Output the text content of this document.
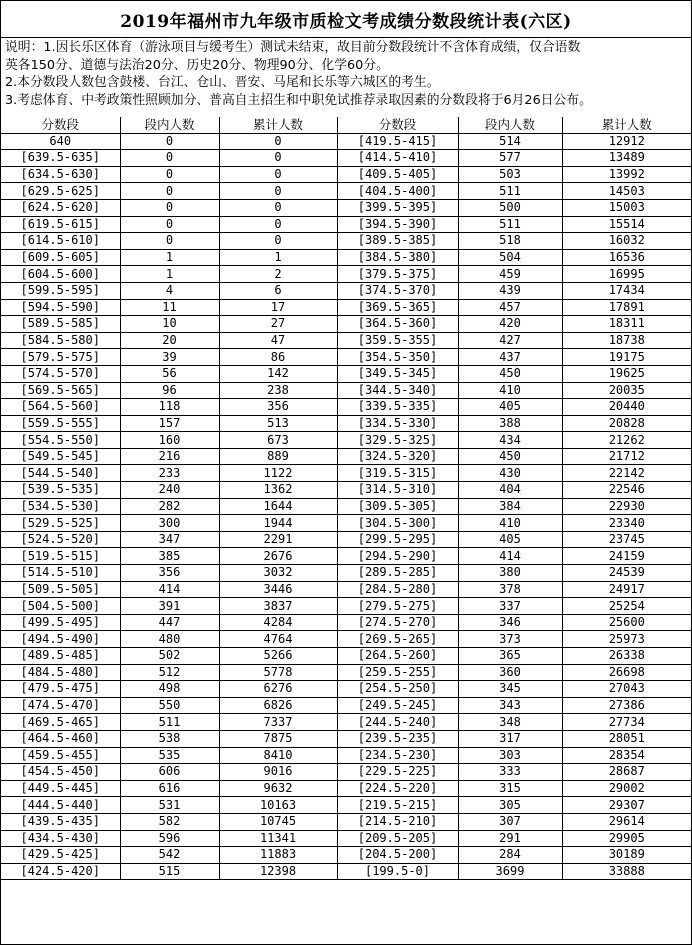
2019年福州市九年级市质检文考成绩分数段统计表(六区)
说明：1.因长乐区体育（游泳项目与缓考生）测试未结束，故目前分数段统计不含体育成绩，仅合语数
英各150分、道德与法治20分、历史20分、物理90分、化学60分。
2.本分数段人数包含鼓楼、台江、仓山、晋安、马尾和长乐等六城区的考生。
3.考虑体育、中考政策性照顾加分、普高自主招生和中职免试推荐录取因素的分数段将于6月26日公布。
分数段	段内人数	累计人数	分数段	段内人数	累计人数
640	0	0	[419.5-415]	514	12912
[639.5-635]	0	0	[414.5-410]	577	13489
[634.5-630]	0	0	[409.5-405]	503	13992
[629.5-625]	0	0	[404.5-400]	511	14503
[624.5-620]	0	0	[399.5-395]	500	15003
[619.5-615]	0	0	[394.5-390]	511	15514
[614.5-610]	0	0	[389.5-385]	518	16032
[609.5-605]	1	1	[384.5-380]	504	16536
[604.5-600]	1	2	[379.5-375]	459	16995
[599.5-595]	4	6	[374.5-370]	439	17434
[594.5-590]	11	17	[369.5-365]	457	17891
[589.5-585]	10	27	[364.5-360]	420	18311
[584.5-580]	20	47	[359.5-355]	427	18738
[579.5-575]	39	86	[354.5-350]	437	19175
[574.5-570]	56	142	[349.5-345]	450	19625
[569.5-565]	96	238	[344.5-340]	410	20035
[564.5-560]	118	356	[339.5-335]	405	20440
[559.5-555]	157	513	[334.5-330]	388	20828
[554.5-550]	160	673	[329.5-325]	434	21262
[549.5-545]	216	889	[324.5-320]	450	21712
[544.5-540]	233	1122	[319.5-315]	430	22142
[539.5-535]	240	1362	[314.5-310]	404	22546
[534.5-530]	282	1644	[309.5-305]	384	22930
[529.5-525]	300	1944	[304.5-300]	410	23340
[524.5-520]	347	2291	[299.5-295]	405	23745
[519.5-515]	385	2676	[294.5-290]	414	24159
[514.5-510]	356	3032	[289.5-285]	380	24539
[509.5-505]	414	3446	[284.5-280]	378	24917
[504.5-500]	391	3837	[279.5-275]	337	25254
[499.5-495]	447	4284	[274.5-270]	346	25600
[494.5-490]	480	4764	[269.5-265]	373	25973
[489.5-485]	502	5266	[264.5-260]	365	26338
[484.5-480]	512	5778	[259.5-255]	360	26698
[479.5-475]	498	6276	[254.5-250]	345	27043
[474.5-470]	550	6826	[249.5-245]	343	27386
[469.5-465]	511	7337	[244.5-240]	348	27734
[464.5-460]	538	7875	[239.5-235]	317	28051
[459.5-455]	535	8410	[234.5-230]	303	28354
[454.5-450]	606	9016	[229.5-225]	333	28687
[449.5-445]	616	9632	[224.5-220]	315	29002
[444.5-440]	531	10163	[219.5-215]	305	29307
[439.5-435]	582	10745	[214.5-210]	307	29614
[434.5-430]	596	11341	[209.5-205]	291	29905
[429.5-425]	542	11883	[204.5-200]	284	30189
[424.5-420]	515	12398	[199.5-0]	3699	33888
